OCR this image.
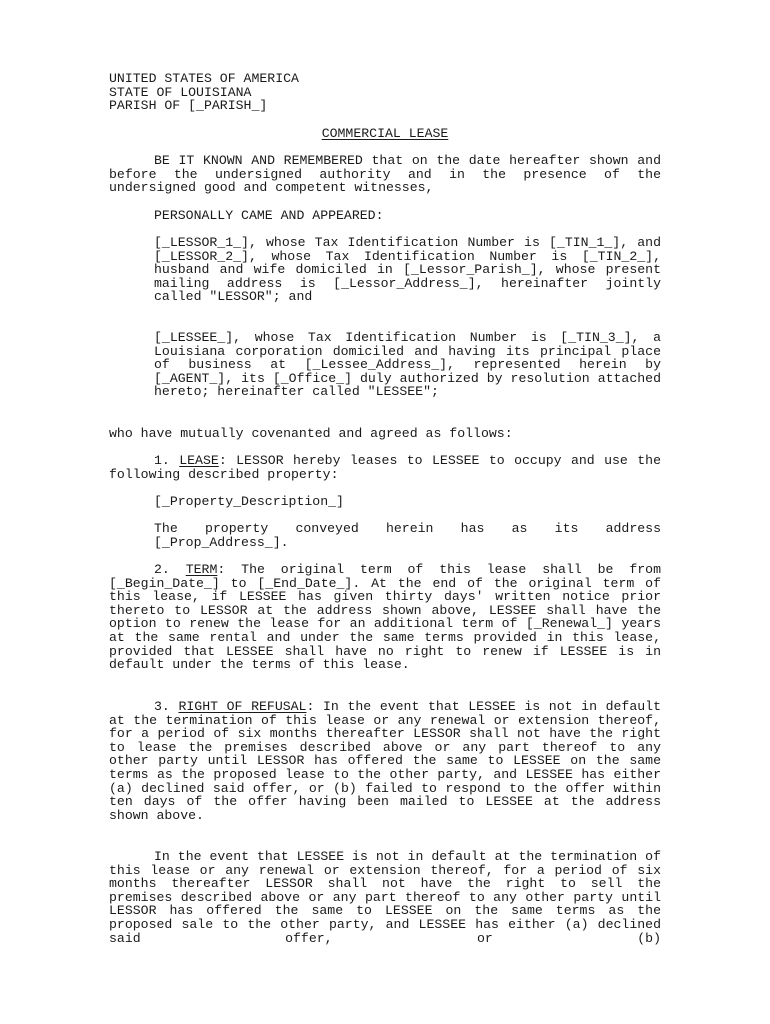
UNITED STATES OF AMERICA
STATE OF LOUISIANA
PARISH OF [_PARISH_]
COMMERCIAL LEASE
BE IT KNOWN AND REMEMBERED that on the date hereafter shown and before the undersigned authority and in the presence of the undersigned good and competent witnesses,
PERSONALLY CAME AND APPEARED:
[_LESSOR_1_], whose Tax Identification Number is [_TIN_1_], and [_LESSOR_2_], whose Tax Identification Number is [_TIN_2_], husband and wife domiciled in [_Lessor_Parish_], whose present mailing address is [_Lessor_Address_], hereinafter jointly called "LESSOR"; and
[_LESSEE_], whose Tax Identification Number is [_TIN_3_], a Louisiana corporation domiciled and having its principal place of business at [_Lessee_Address_], represented herein by [_AGENT_], its [_Office_] duly authorized by resolution attached hereto; hereinafter called "LESSEE";
who have mutually covenanted and agreed as follows:
1. LEASE: LESSOR hereby leases to LESSEE to occupy and use the following described property:
[_Property_Description_]
The property conveyed herein has as its address [_Prop_Address_].
2. TERM: The original term of this lease shall be from [_Begin_Date_] to [_End_Date_]. At the end of the original term of this lease, if LESSEE has given thirty days' written notice prior thereto to LESSOR at the address shown above, LESSEE shall have the option to renew the lease for an additional term of [_Renewal_] years at the same rental and under the same terms provided in this lease, provided that LESSEE shall have no right to renew if LESSEE is in default under the terms of this lease.
3. RIGHT OF REFUSAL: In the event that LESSEE is not in default at the termination of this lease or any renewal or extension thereof, for a period of six months thereafter LESSOR shall not have the right to lease the premises described above or any part thereof to any other party until LESSOR has offered the same to LESSEE on the same terms as the proposed lease to the other party, and LESSEE has either (a) declined said offer, or (b) failed to respond to the offer within ten days of the offer having been mailed to LESSEE at the address shown above.
In the event that LESSEE is not in default at the termination of this lease or any renewal or extension thereof, for a period of six months thereafter LESSOR shall not have the right to sell the premises described above or any part thereof to any other party until LESSOR has offered the same to LESSEE on the same terms as the proposed sale to the other party, and LESSEE has either (a) declined said offer, or (b)
